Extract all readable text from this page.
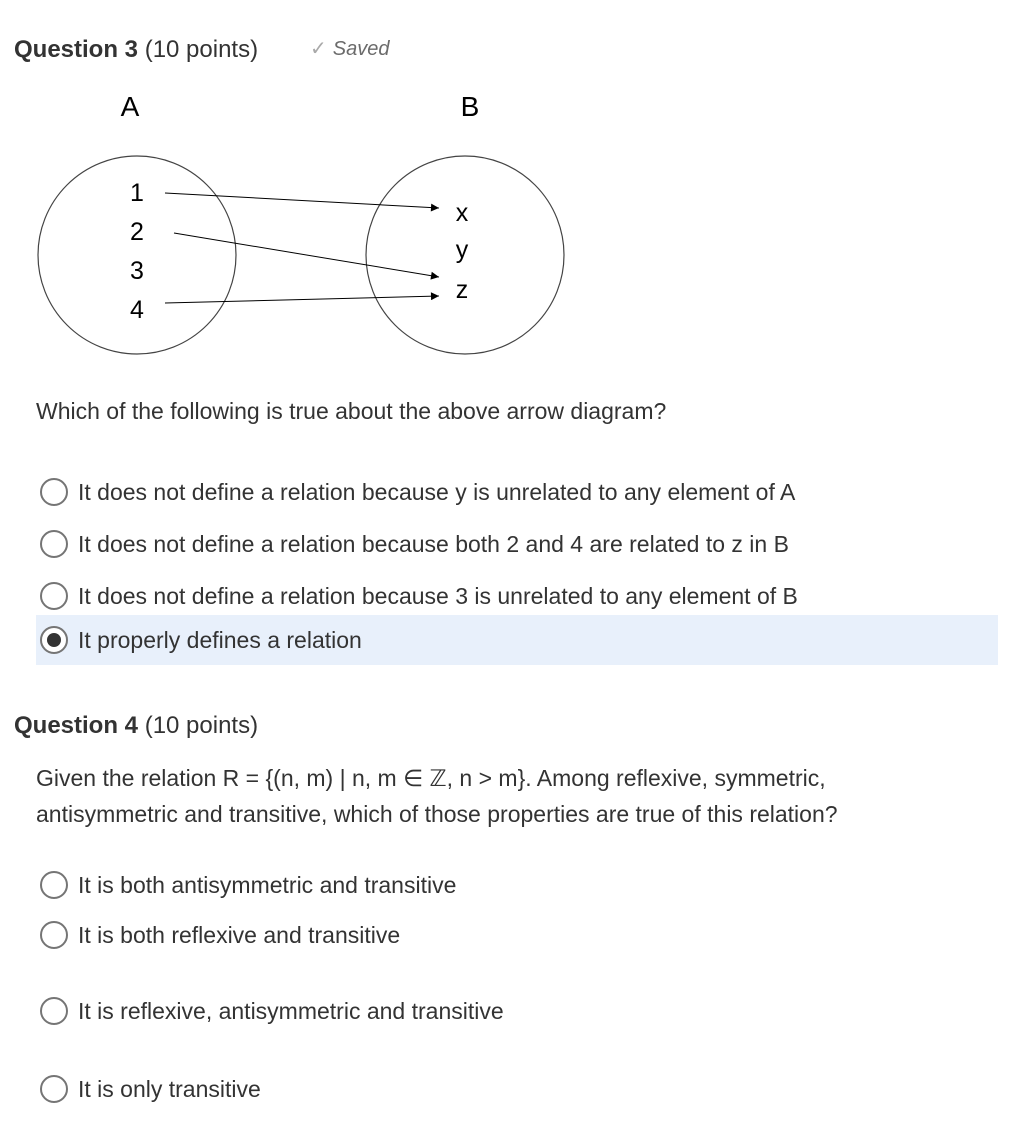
Question 3 (10 points)	✓ Saved
A	B
1
2
3
4
x
y
z
Which of the following is true about the above arrow diagram?
It does not define a relation because y is unrelated to any element of A
It does not define a relation because both 2 and 4 are related to z in B
It does not define a relation because 3 is unrelated to any element of B
It properly defines a relation
Question 4 (10 points)
Given the relation R = {(n, m) | n, m ∈ ℤ, n > m}. Among reflexive, symmetric,
antisymmetric and transitive, which of those properties are true of this relation?
It is both antisymmetric and transitive
It is both reflexive and transitive
It is reflexive, antisymmetric and transitive
It is only transitive
